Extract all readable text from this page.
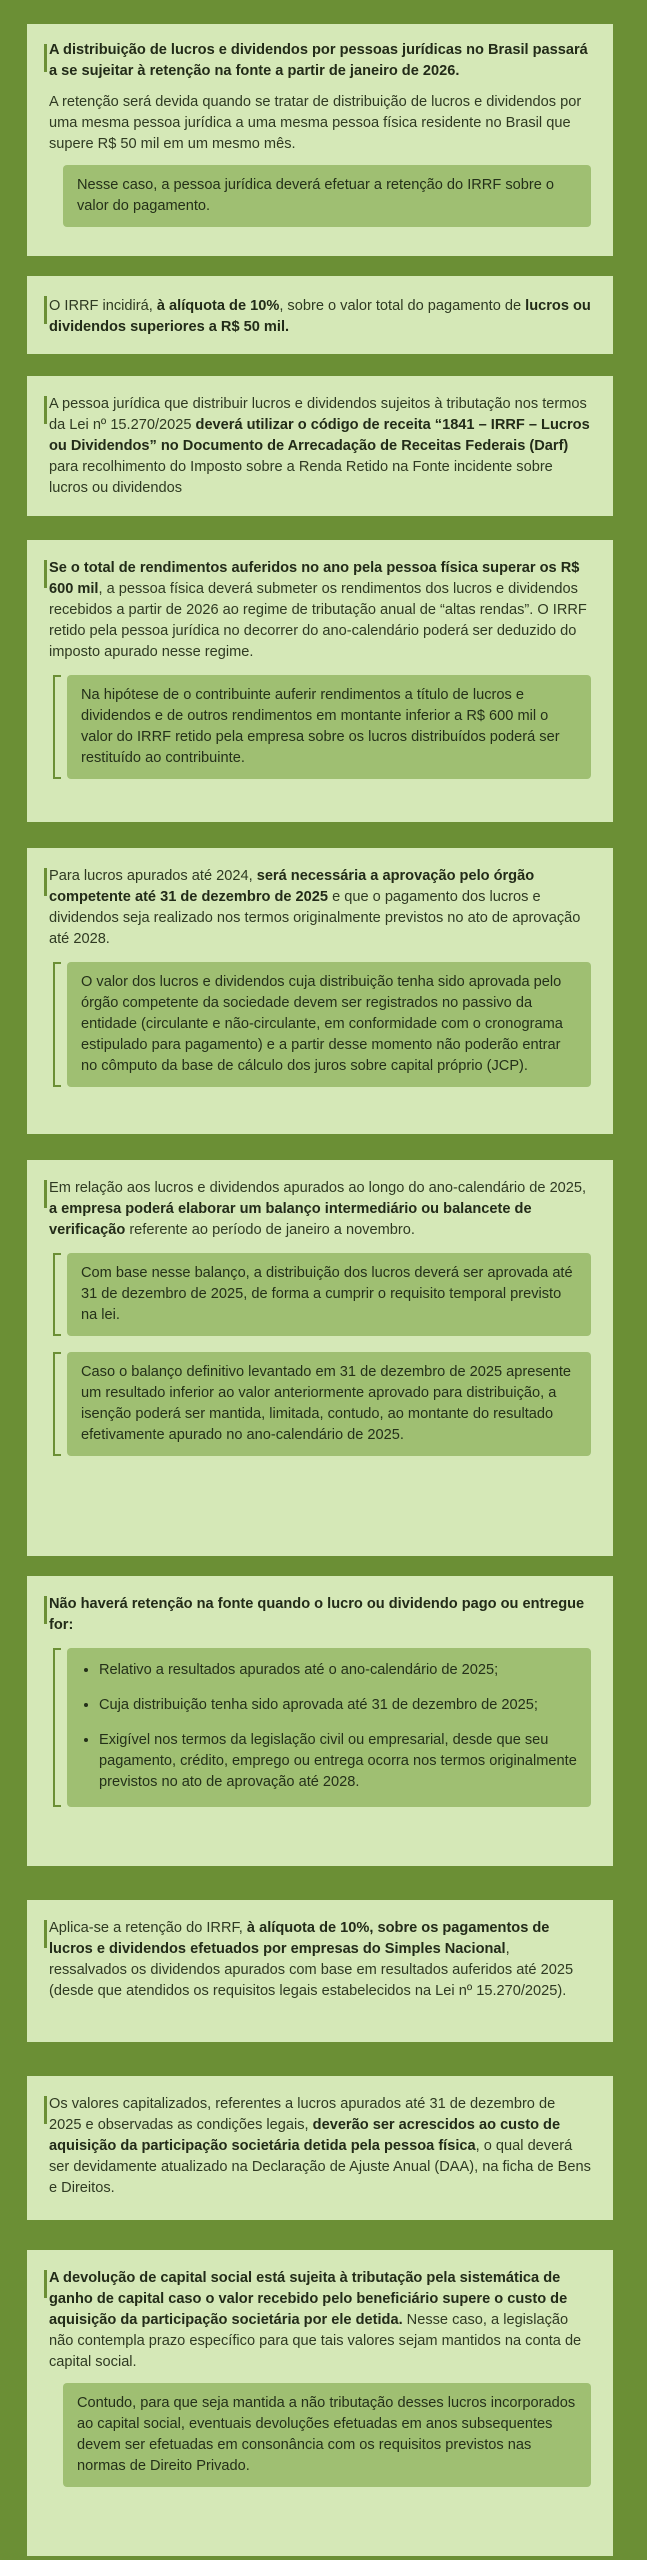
A distribuição de lucros e dividendos por pessoas jurídicas no Brasil passará a se sujeitar à retenção na fonte a partir de janeiro de 2026.

A retenção será devida quando se tratar de distribuição de lucros e dividendos por uma mesma pessoa jurídica a uma mesma pessoa física residente no Brasil que supere R$ 50 mil em um mesmo mês.

Nesse caso, a pessoa jurídica deverá efetuar a retenção do IRRF sobre o valor do pagamento.

O IRRF incidirá, à alíquota de 10%, sobre o valor total do pagamento de lucros ou dividendos superiores a R$ 50 mil.

A pessoa jurídica que distribuir lucros e dividendos sujeitos à tributação nos termos da Lei nº 15.270/2025 deverá utilizar o código de receita “1841 – IRRF – Lucros ou Dividendos” no Documento de Arrecadação de Receitas Federais (Darf) para recolhimento do Imposto sobre a Renda Retido na Fonte incidente sobre lucros ou dividendos

Se o total de rendimentos auferidos no ano pela pessoa física superar os R$ 600 mil, a pessoa física deverá submeter os rendimentos dos lucros e dividendos recebidos a partir de 2026 ao regime de tributação anual de “altas rendas”. O IRRF retido pela pessoa jurídica no decorrer do ano-calendário poderá ser deduzido do imposto apurado nesse regime.

Na hipótese de o contribuinte auferir rendimentos a título de lucros e dividendos e de outros rendimentos em montante inferior a R$ 600 mil o valor do IRRF retido pela empresa sobre os lucros distribuídos poderá ser restituído ao contribuinte.

Para lucros apurados até 2024, será necessária a aprovação pelo órgão competente até 31 de dezembro de 2025 e que o pagamento dos lucros e dividendos seja realizado nos termos originalmente previstos no ato de aprovação até 2028.

O valor dos lucros e dividendos cuja distribuição tenha sido aprovada pelo órgão competente da sociedade devem ser registrados no passivo da entidade (circulante e não-circulante, em conformidade com o cronograma estipulado para pagamento) e a partir desse momento não poderão entrar no cômputo da base de cálculo dos juros sobre capital próprio (JCP).

Em relação aos lucros e dividendos apurados ao longo do ano-calendário de 2025, a empresa poderá elaborar um balanço intermediário ou balancete de verificação referente ao período de janeiro a novembro.

Com base nesse balanço, a distribuição dos lucros deverá ser aprovada até 31 de dezembro de 2025, de forma a cumprir o requisito temporal previsto na lei.
Caso o balanço definitivo levantado em 31 de dezembro de 2025 apresente um resultado inferior ao valor anteriormente aprovado para distribuição, a isenção poderá ser mantida, limitada, contudo, ao montante do resultado efetivamente apurado no ano-calendário de 2025.

Não haverá retenção na fonte quando o lucro ou dividendo pago ou entregue for:

• Relativo a resultados apurados até o ano-calendário de 2025;
• Cuja distribuição tenha sido aprovada até 31 de dezembro de 2025;
• Exigível nos termos da legislação civil ou empresarial, desde que seu pagamento, crédito, emprego ou entrega ocorra nos termos originalmente previstos no ato de aprovação até 2028.

Aplica-se a retenção do IRRF, à alíquota de 10%, sobre os pagamentos de lucros e dividendos efetuados por empresas do Simples Nacional, ressalvados os dividendos apurados com base em resultados auferidos até 2025 (desde que atendidos os requisitos legais estabelecidos na Lei nº 15.270/2025).

Os valores capitalizados, referentes a lucros apurados até 31 de dezembro de 2025 e observadas as condições legais, deverão ser acrescidos ao custo de aquisição da participação societária detida pela pessoa física, o qual deverá ser devidamente atualizado na Declaração de Ajuste Anual (DAA), na ficha de Bens e Direitos.

A devolução de capital social está sujeita à tributação pela sistemática de ganho de capital caso o valor recebido pelo beneficiário supere o custo de aquisição da participação societária por ele detida. Nesse caso, a legislação não contempla prazo específico para que tais valores sejam mantidos na conta de capital social.

Contudo, para que seja mantida a não tributação desses lucros incorporados ao capital social, eventuais devoluções efetuadas em anos subsequentes devem ser efetuadas em consonância com os requisitos previstos nas normas de Direito Privado.
